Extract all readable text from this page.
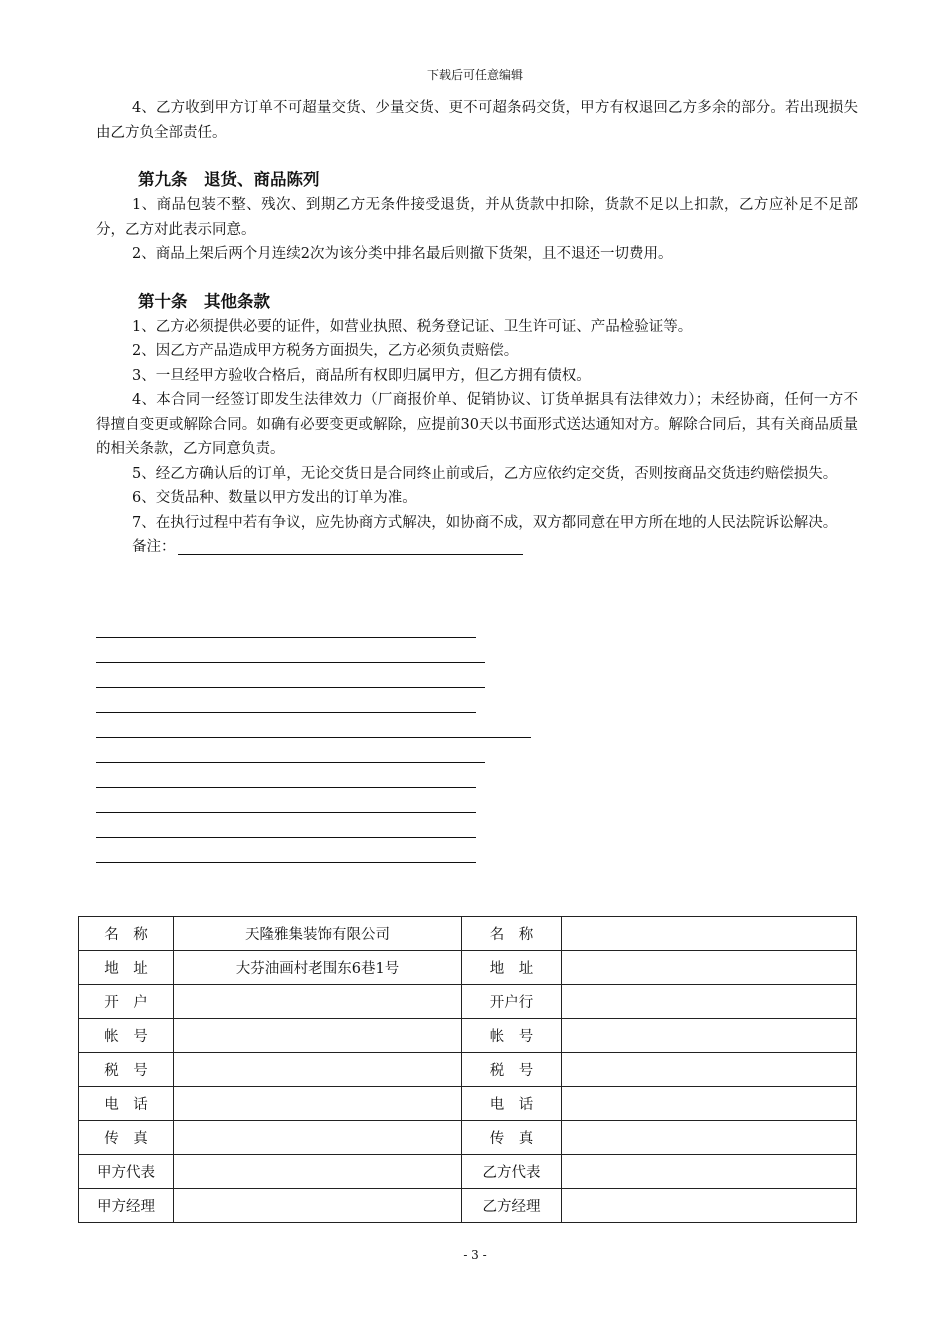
下载后可任意编辑

4、乙方收到甲方订单不可超量交货、少量交货、更不可超条码交货，甲方有权退回乙方多余的部分。若出现损失由乙方负全部责任。

第九条　退货、商品陈列

1、商品包装不整、残次、到期乙方无条件接受退货，并从货款中扣除，货款不足以上扣款，乙方应补足不足部分，乙方对此表示同意。

2、商品上架后两个月连续2次为该分类中排名最后则撤下货架，且不退还一切费用。

第十条　其他条款

1、乙方必须提供必要的证件，如营业执照、税务登记证、卫生许可证、产品检验证等。

2、因乙方产品造成甲方税务方面损失，乙方必须负责赔偿。

3、一旦经甲方验收合格后，商品所有权即归属甲方，但乙方拥有债权。

4、本合同一经签订即发生法律效力（厂商报价单、促销协议、订货单据具有法律效力）；未经协商，任何一方不得擅自变更或解除合同。如确有必要变更或解除，应提前30天以书面形式送达通知对方。解除合同后，其有关商品质量的相关条款，乙方同意负责。

5、经乙方确认后的订单，无论交货日是合同终止前或后，乙方应依约定交货，否则按商品交货违约赔偿损失。

6、交货品种、数量以甲方发出的订单为准。

7、在执行过程中若有争议，应先协商方式解决，如协商不成，双方都同意在甲方所在地的人民法院诉讼解决。

备注：
名　称	天隆雅集装饰有限公司	名　称	
地　址	大芬油画村老围东6巷1号	地　址	
开　户		开户行	
帐　号		帐　号	
税　号		税　号	
电　话		电　话	
传　真		传　真	
甲方代表		乙方代表	
甲方经理		乙方经理	
- 3 -
